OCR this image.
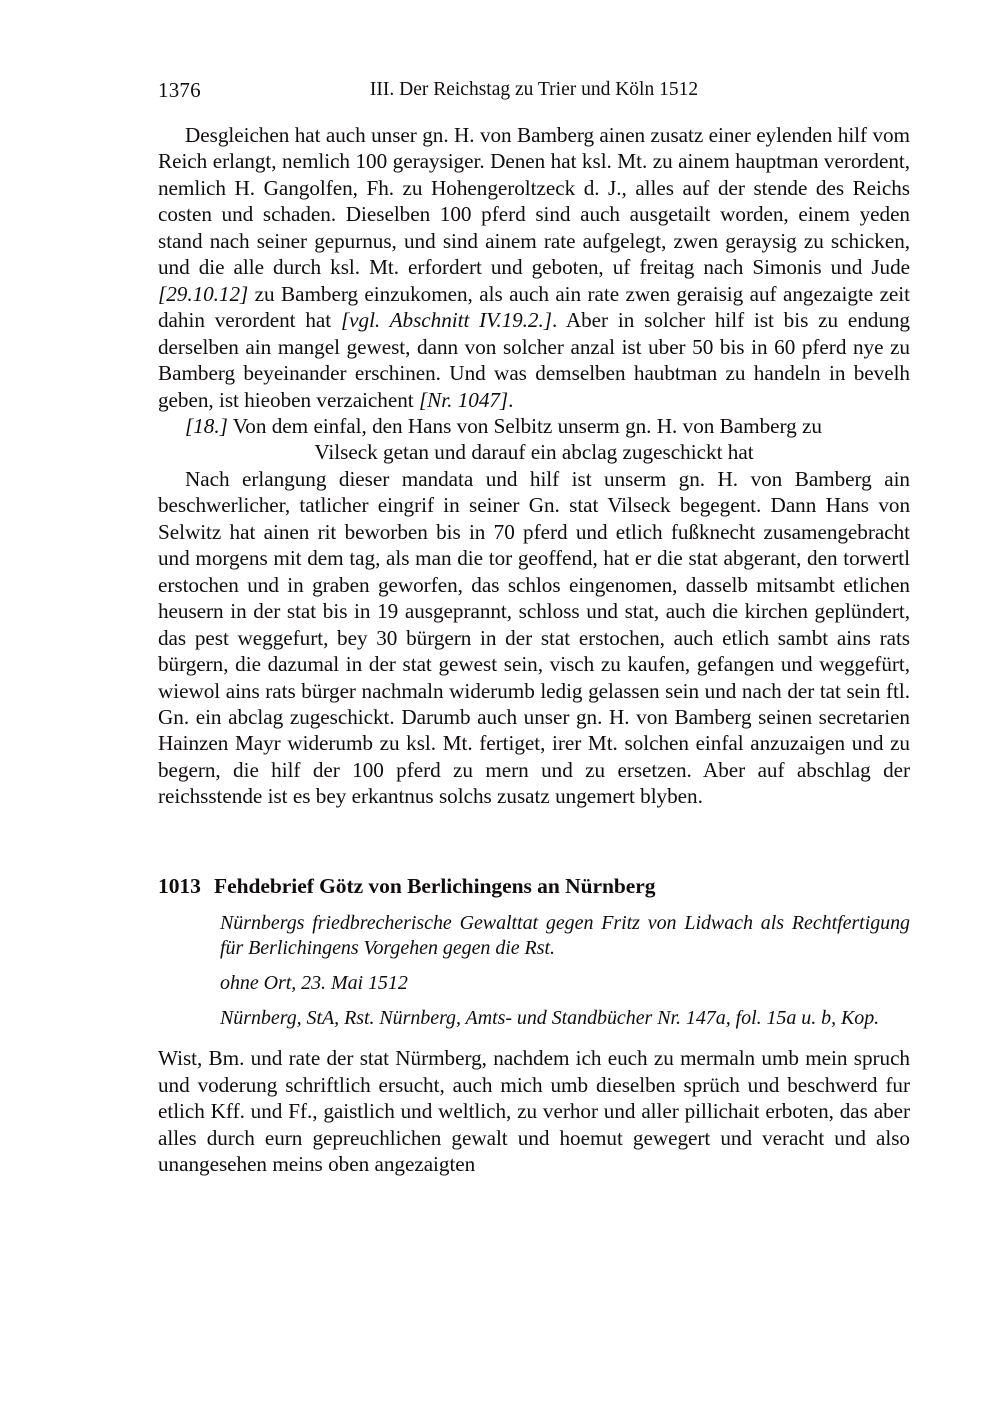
1376	III. Der Reichstag zu Trier und Köln 1512

Desgleichen hat auch unser gn. H. von Bamberg ainen zusatz einer eylenden hilf vom Reich erlangt, nemlich 100 geraysiger. Denen hat ksl. Mt. zu ainem hauptman verordent, nemlich H. Gangolfen, Fh. zu Hohengeroltzeck d. J., alles auf der stende des Reichs costen und schaden. Dieselben 100 pferd sind auch ausgetailt worden, einem yeden stand nach seiner gepurnus, und sind ainem rate aufgelegt, zwen geraysig zu schicken, und die alle durch ksl. Mt. erfordert und geboten, uf freitag nach Simonis und Jude [29.10.12] zu Bamberg einzukomen, als auch ain rate zwen geraisig auf angezaigte zeit dahin verordent hat [vgl. Abschnitt IV.19.2.]. Aber in solcher hilf ist bis zu endung derselben ain mangel gewest, dann von solcher anzal ist uber 50 bis in 60 pferd nye zu Bamberg beyeinander erschinen. Und was demselben haubtman zu handeln in bevelh geben, ist hieoben verzaichent [Nr. 1047].

[18.] Von dem einfal, den Hans von Selbitz unserm gn. H. von Bamberg zu

Vilseck getan und darauf ein abclag zugeschickt hat

Nach erlangung dieser mandata und hilf ist unserm gn. H. von Bamberg ain beschwerlicher, tatlicher eingrif in seiner Gn. stat Vilseck begegent. Dann Hans von Selwitz hat ainen rit beworben bis in 70 pferd und etlich fußknecht zusamengebracht und morgens mit dem tag, als man die tor geoffend, hat er die stat abgerant, den torwertl erstochen und in graben geworfen, das schlos eingenomen, dasselb mitsambt etlichen heusern in der stat bis in 19 ausgeprannt, schloss und stat, auch die kirchen geplündert, das pest weggefurt, bey 30 bürgern in der stat erstochen, auch etlich sambt ains rats bürgern, die dazumal in der stat gewest sein, visch zu kaufen, gefangen und weggefürt, wiewol ains rats bürger nachmaln widerumb ledig gelassen sein und nach der tat sein ftl. Gn. ein abclag zugeschickt. Darumb auch unser gn. H. von Bamberg seinen secretarien Hainzen Mayr widerumb zu ksl. Mt. fertiget, irer Mt. solchen einfal anzuzaigen und zu begern, die hilf der 100 pferd zu mern und zu ersetzen. Aber auf abschlag der reichsstende ist es bey erkantnus solchs zusatz ungemert blyben.

1013 Fehdebrief Götz von Berlichingens an Nürnberg

Nürnbergs friedbrecherische Gewalttat gegen Fritz von Lidwach als Rechtfertigung für Berlichingens Vorgehen gegen die Rst.

ohne Ort, 23. Mai 1512

Nürnberg, StA, Rst. Nürnberg, Amts- und Standbücher Nr. 147a, fol. 15a u. b, Kop.

Wist, Bm. und rate der stat Nürmberg, nachdem ich euch zu mermaln umb mein spruch und voderung schriftlich ersucht, auch mich umb dieselben sprüch und beschwerd fur etlich Kff. und Ff., gaistlich und weltlich, zu verhor und aller pillichait erboten, das aber alles durch eurn gepreuchlichen gewalt und hoemut gewegert und veracht und also unangesehen meins oben angezaigten
